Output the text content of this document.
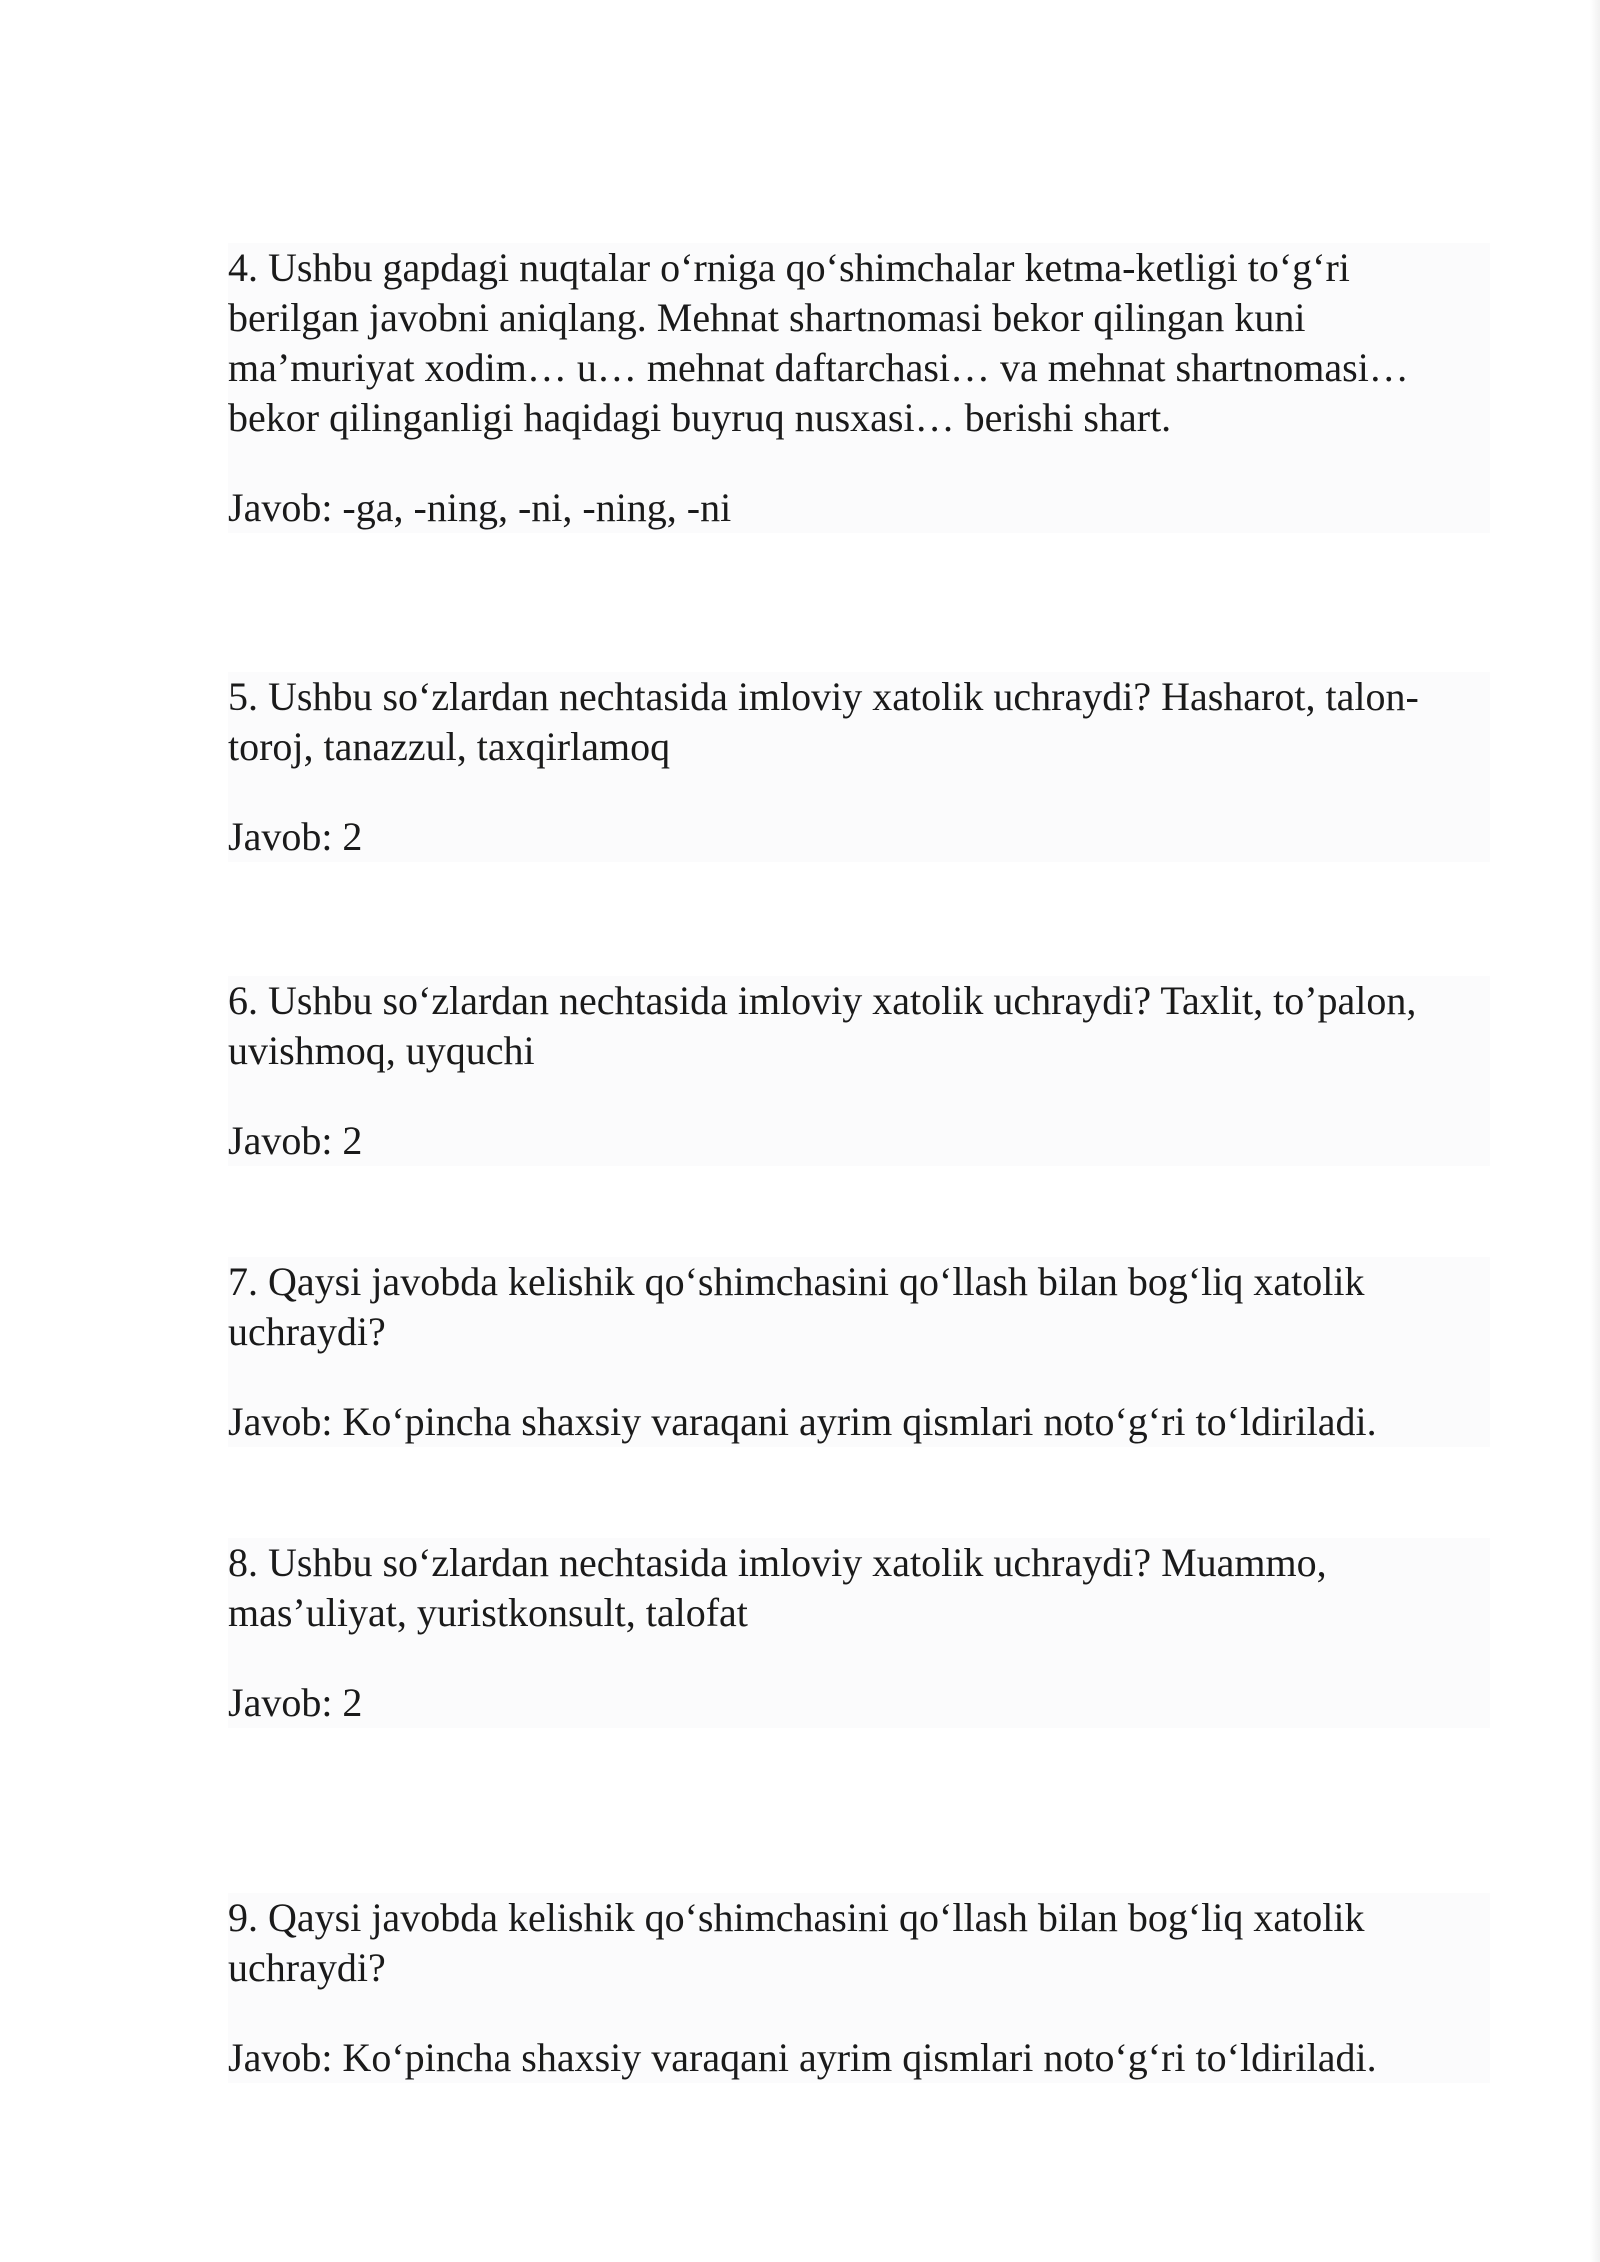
4. Ushbu gapdagi nuqtalar o‘rniga qo‘shimchalar ketma-ketligi to‘g‘ri berilgan javobni aniqlang. Mehnat shartnomasi bekor qilingan kuni ma’muriyat xodim… u… mehnat daftarchasi… va mehnat shartnomasi… bekor qilinganligi haqidagi buyruq nusxasi… berishi shart.

Javob: -ga, -ning, -ni, -ning, -ni

5. Ushbu so‘zlardan nechtasida imloviy xatolik uchraydi? Hasharot, talon-toroj, tanazzul, taxqirlamoq

Javob: 2

6. Ushbu so‘zlardan nechtasida imloviy xatolik uchraydi? Taxlit, to’palon, uvishmoq, uyquchi

Javob: 2

7. Qaysi javobda kelishik qo‘shimchasini qo‘llash bilan bog‘liq xatolik uchraydi?

Javob: Ko‘pincha shaxsiy varaqani ayrim qismlari noto‘g‘ri to‘ldiriladi.

8. Ushbu so‘zlardan nechtasida imloviy xatolik uchraydi? Muammo, mas’uliyat, yuristkonsult, talofat

Javob: 2

9. Qaysi javobda kelishik qo‘shimchasini qo‘llash bilan bog‘liq xatolik uchraydi?

Javob: Ko‘pincha shaxsiy varaqani ayrim qismlari noto‘g‘ri to‘ldiriladi.
